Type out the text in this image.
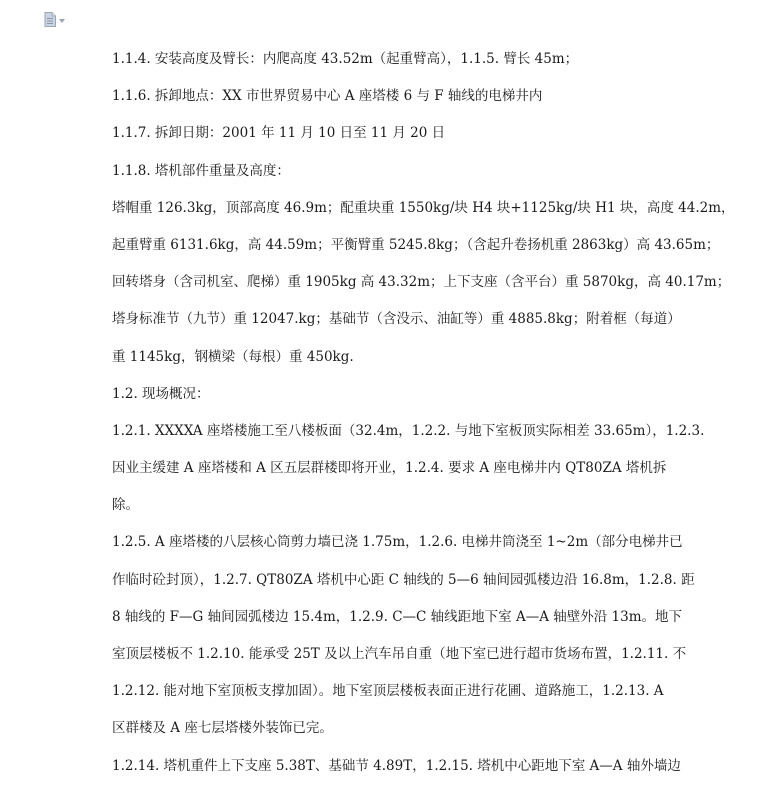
1.1.4. 安装高度及臂长：内爬高度 43.52m（起重臂高），1.1.5. 臂长 45m；
1.1.6. 拆卸地点：XX 市世界贸易中心 A 座塔楼 6 与 F 轴线的电梯井内
1.1.7. 拆卸日期：2001 年 11 月 10 日至 11 月 20 日
1.1.8. 塔机部件重量及高度：
塔帽重 126.3kg，顶部高度 46.9m；配重块重 1550kg/块 H4 块+1125kg/块 H1 块，高度 44.2m，
起重臂重 6131.6kg，高 44.59m；平衡臂重 5245.8kg；（含起升卷扬机重 2863kg）高 43.65m；
回转塔身（含司机室、爬梯）重 1905kg 高 43.32m；上下支座（含平台）重 5870kg，高 40.17m；
塔身标准节（九节）重 12047.kg；基础节（含没示、油缸等）重 4885.8kg；附着框（每道）
重 1145kg，钢横梁（每根）重 450kg.
1.2. 现场概况：
1.2.1. XXXXA 座塔楼施工至八楼板面（32.4m，1.2.2. 与地下室板顶实际相差 33.65m），1.2.3.
因业主缓建 A 座塔楼和 A 区五层群楼即将开业，1.2.4. 要求 A 座电梯井内 QT80ZA 塔机拆
除。
1.2.5. A 座塔楼的八层核心筒剪力墙已浇 1.75m，1.2.6. 电梯井筒浇至 1~2m（部分电梯井已
作临时砼封顶），1.2.7. QT80ZA 塔机中心距 C 轴线的 5—6 轴间园弧楼边沿 16.8m，1.2.8. 距
8 轴线的 F—G 轴间园弧楼边 15.4m，1.2.9. C—C 轴线距地下室 A—A 轴壁外沿 13m。地下
室顶层楼板不 1.2.10. 能承受 25T 及以上汽车吊自重（地下室已进行超市货场布置，1.2.11. 不
1.2.12. 能对地下室顶板支撑加固）。地下室顶层楼板表面正进行花圃、道路施工，1.2.13. A
区群楼及 A 座七层塔楼外装饰已完。
1.2.14. 塔机重件上下支座 5.38T、基础节 4.89T，1.2.15. 塔机中心距地下室 A—A 轴外墙边
